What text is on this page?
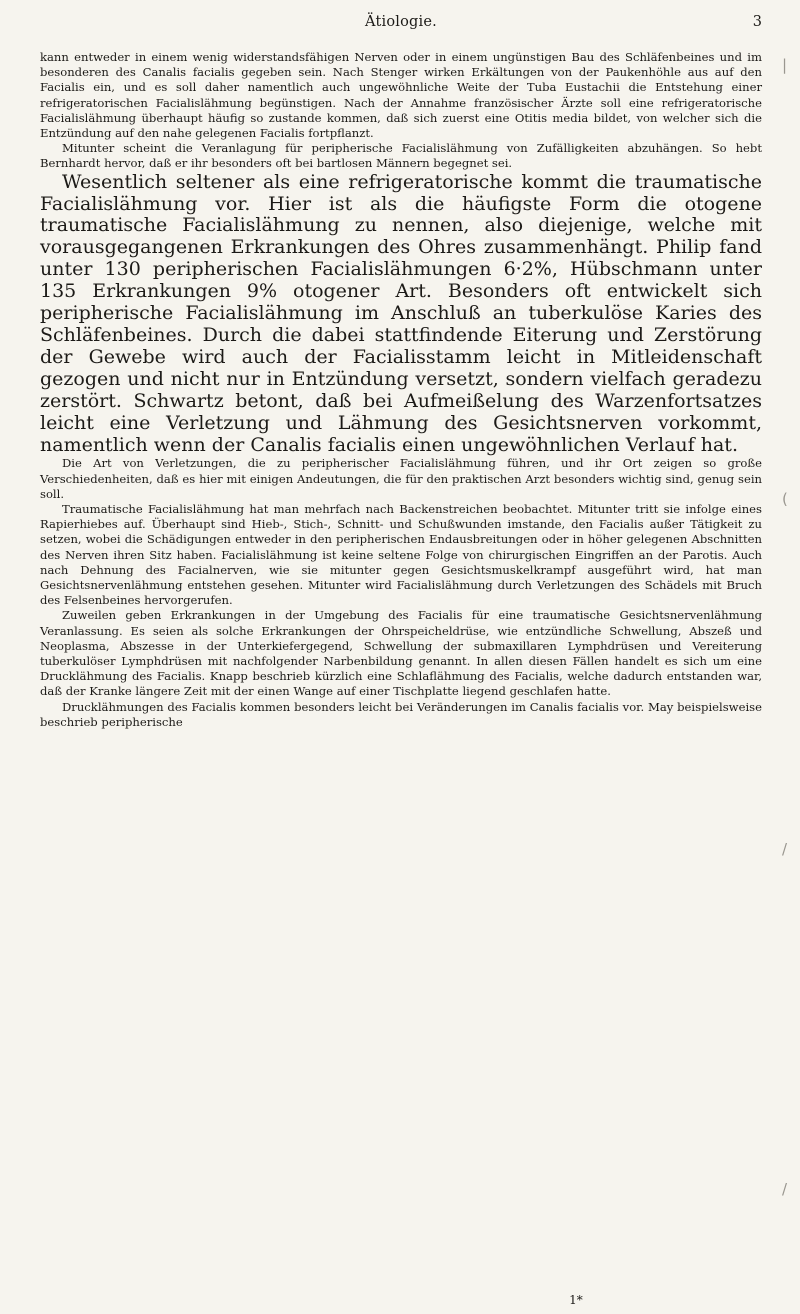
Ätiologie.	3

kann entweder in einem wenig widerstandsfähigen Nerven oder in einem ungünstigen Bau des Schläfenbeines und im besonderen des Canalis facialis gegeben sein. Nach Stenger wirken Erkältungen von der Paukenhöhle aus auf den Facialis ein, und es soll daher namentlich auch ungewöhnliche Weite der Tuba Eustachii die Entstehung einer refrigeratorischen Facialislähmung begünstigen. Nach der Annahme französischer Ärzte soll eine refrigeratorische Facialislähmung überhaupt häufig so zustande kommen, daß sich zuerst eine Otitis media bildet, von welcher sich die Entzündung auf den nahe gelegenen Facialis fortpflanzt.

Mitunter scheint die Veranlagung für peripherische Facialislähmung von Zufälligkeiten abzuhängen. So hebt Bernhardt hervor, daß er ihr besonders oft bei bartlosen Männern begegnet sei.

Wesentlich seltener als eine refrigeratorische kommt die traumatische Facialislähmung vor. Hier ist als die häufigste Form die otogene traumatische Facialislähmung zu nennen, also diejenige, welche mit vorausgegangenen Erkrankungen des Ohres zusammenhängt. Philip fand unter 130 peripherischen Facialislähmungen 6·2%, Hübschmann unter 135 Erkrankungen 9% otogener Art. Besonders oft entwickelt sich peripherische Facialislähmung im Anschluß an tuberkulöse Karies des Schläfenbeines. Durch die dabei stattfindende Eiterung und Zerstörung der Gewebe wird auch der Facialisstamm leicht in Mitleidenschaft gezogen und nicht nur in Entzündung versetzt, sondern vielfach geradezu zerstört. Schwartz betont, daß bei Aufmeißelung des Warzenfortsatzes leicht eine Verletzung und Lähmung des Gesichtsnerven vorkommt, namentlich wenn der Canalis facialis einen ungewöhnlichen Verlauf hat.

Die Art von Verletzungen, die zu peripherischer Facialislähmung führen, und ihr Ort zeigen so große Verschiedenheiten, daß es hier mit einigen Andeutungen, die für den praktischen Arzt besonders wichtig sind, genug sein soll.

Traumatische Facialislähmung hat man mehrfach nach Backenstreichen beobachtet. Mitunter tritt sie infolge eines Rapierhiebes auf. Überhaupt sind Hieb-, Stich-, Schnitt- und Schußwunden imstande, den Facialis außer Tätigkeit zu setzen, wobei die Schädigungen entweder in den peripherischen Endausbreitungen oder in höher gelegenen Abschnitten des Nerven ihren Sitz haben. Facialislähmung ist keine seltene Folge von chirurgischen Eingriffen an der Parotis. Auch nach Dehnung des Facialnerven, wie sie mitunter gegen Gesichtsmuskelkrampf ausgeführt wird, hat man Gesichtsnervenlähmung entstehen gesehen. Mitunter wird Facialislähmung durch Verletzungen des Schädels mit Bruch des Felsenbeines hervorgerufen.

Zuweilen geben Erkrankungen in der Umgebung des Facialis für eine traumatische Gesichtsnervenlähmung Veranlassung. Es seien als solche Erkrankungen der Ohrspeicheldrüse, wie entzündliche Schwellung, Abszeß und Neoplasma, Abszesse in der Unterkiefergegend, Schwellung der submaxillaren Lymphdrüsen und Vereiterung tuberkulöser Lymphdrüsen mit nachfolgender Narbenbildung genannt. In allen diesen Fällen handelt es sich um eine Drucklähmung des Facialis. Knapp beschrieb kürzlich eine Schlaflähmung des Facialis, welche dadurch entstanden war, daß der Kranke längere Zeit mit der einen Wange auf einer Tischplatte liegend geschlafen hatte.

Drucklähmungen des Facialis kommen besonders leicht bei Veränderungen im Canalis facialis vor. May beispielsweise beschrieb peripherische

|
(
/
/
1*
